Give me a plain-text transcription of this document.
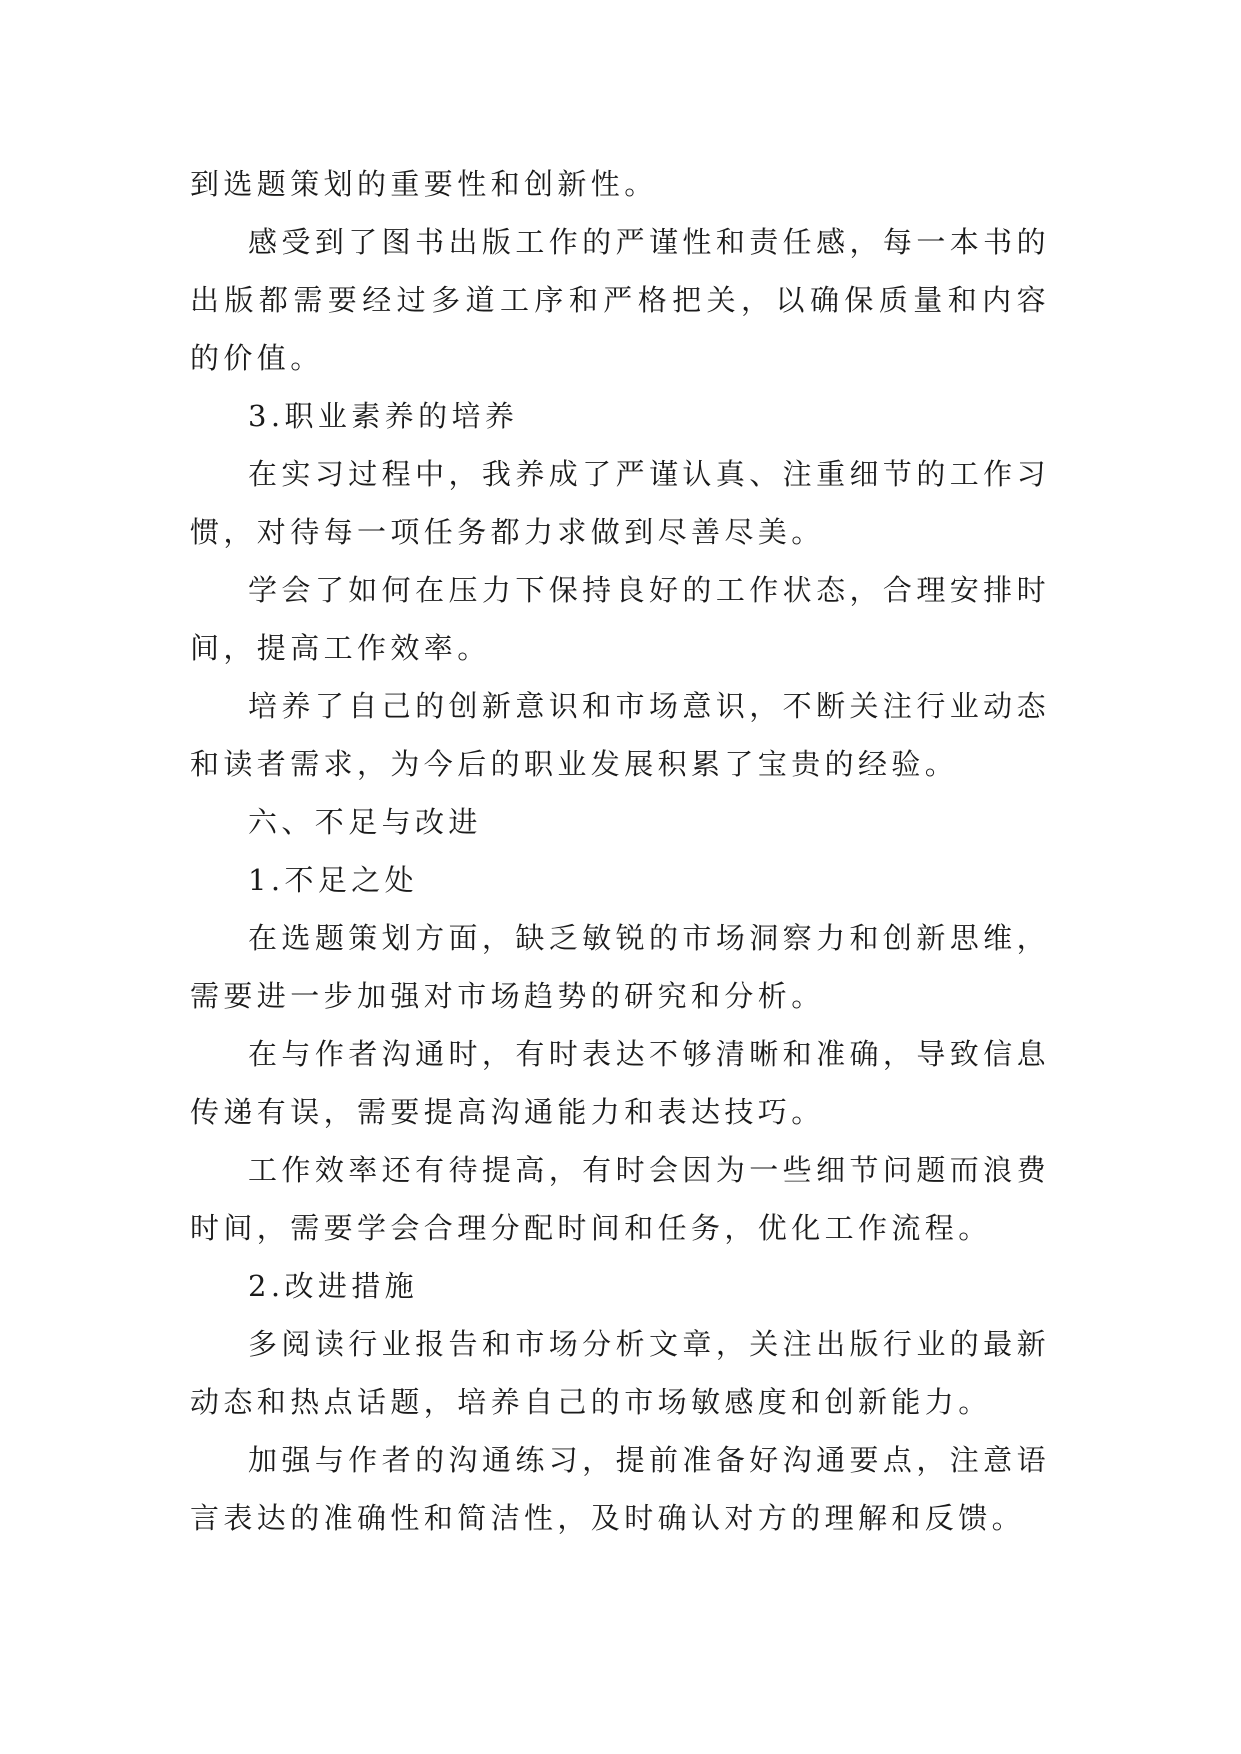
到选题策划的重要性和创新性。

感受到了图书出版工作的严谨性和责任感，每一本书的出版都需要经过多道工序和严格把关，以确保质量和内容的价值。

3.职业素养的培养

在实习过程中，我养成了严谨认真、注重细节的工作习惯，对待每一项任务都力求做到尽善尽美。

学会了如何在压力下保持良好的工作状态，合理安排时间，提高工作效率。

培养了自己的创新意识和市场意识，不断关注行业动态和读者需求，为今后的职业发展积累了宝贵的经验。

六、不足与改进

1.不足之处

在选题策划方面，缺乏敏锐的市场洞察力和创新思维，需要进一步加强对市场趋势的研究和分析。

在与作者沟通时，有时表达不够清晰和准确，导致信息传递有误，需要提高沟通能力和表达技巧。

工作效率还有待提高，有时会因为一些细节问题而浪费时间，需要学会合理分配时间和任务，优化工作流程。

2.改进措施

多阅读行业报告和市场分析文章，关注出版行业的最新动态和热点话题，培养自己的市场敏感度和创新能力。

加强与作者的沟通练习，提前准备好沟通要点，注意语言表达的准确性和简洁性，及时确认对方的理解和反馈。
